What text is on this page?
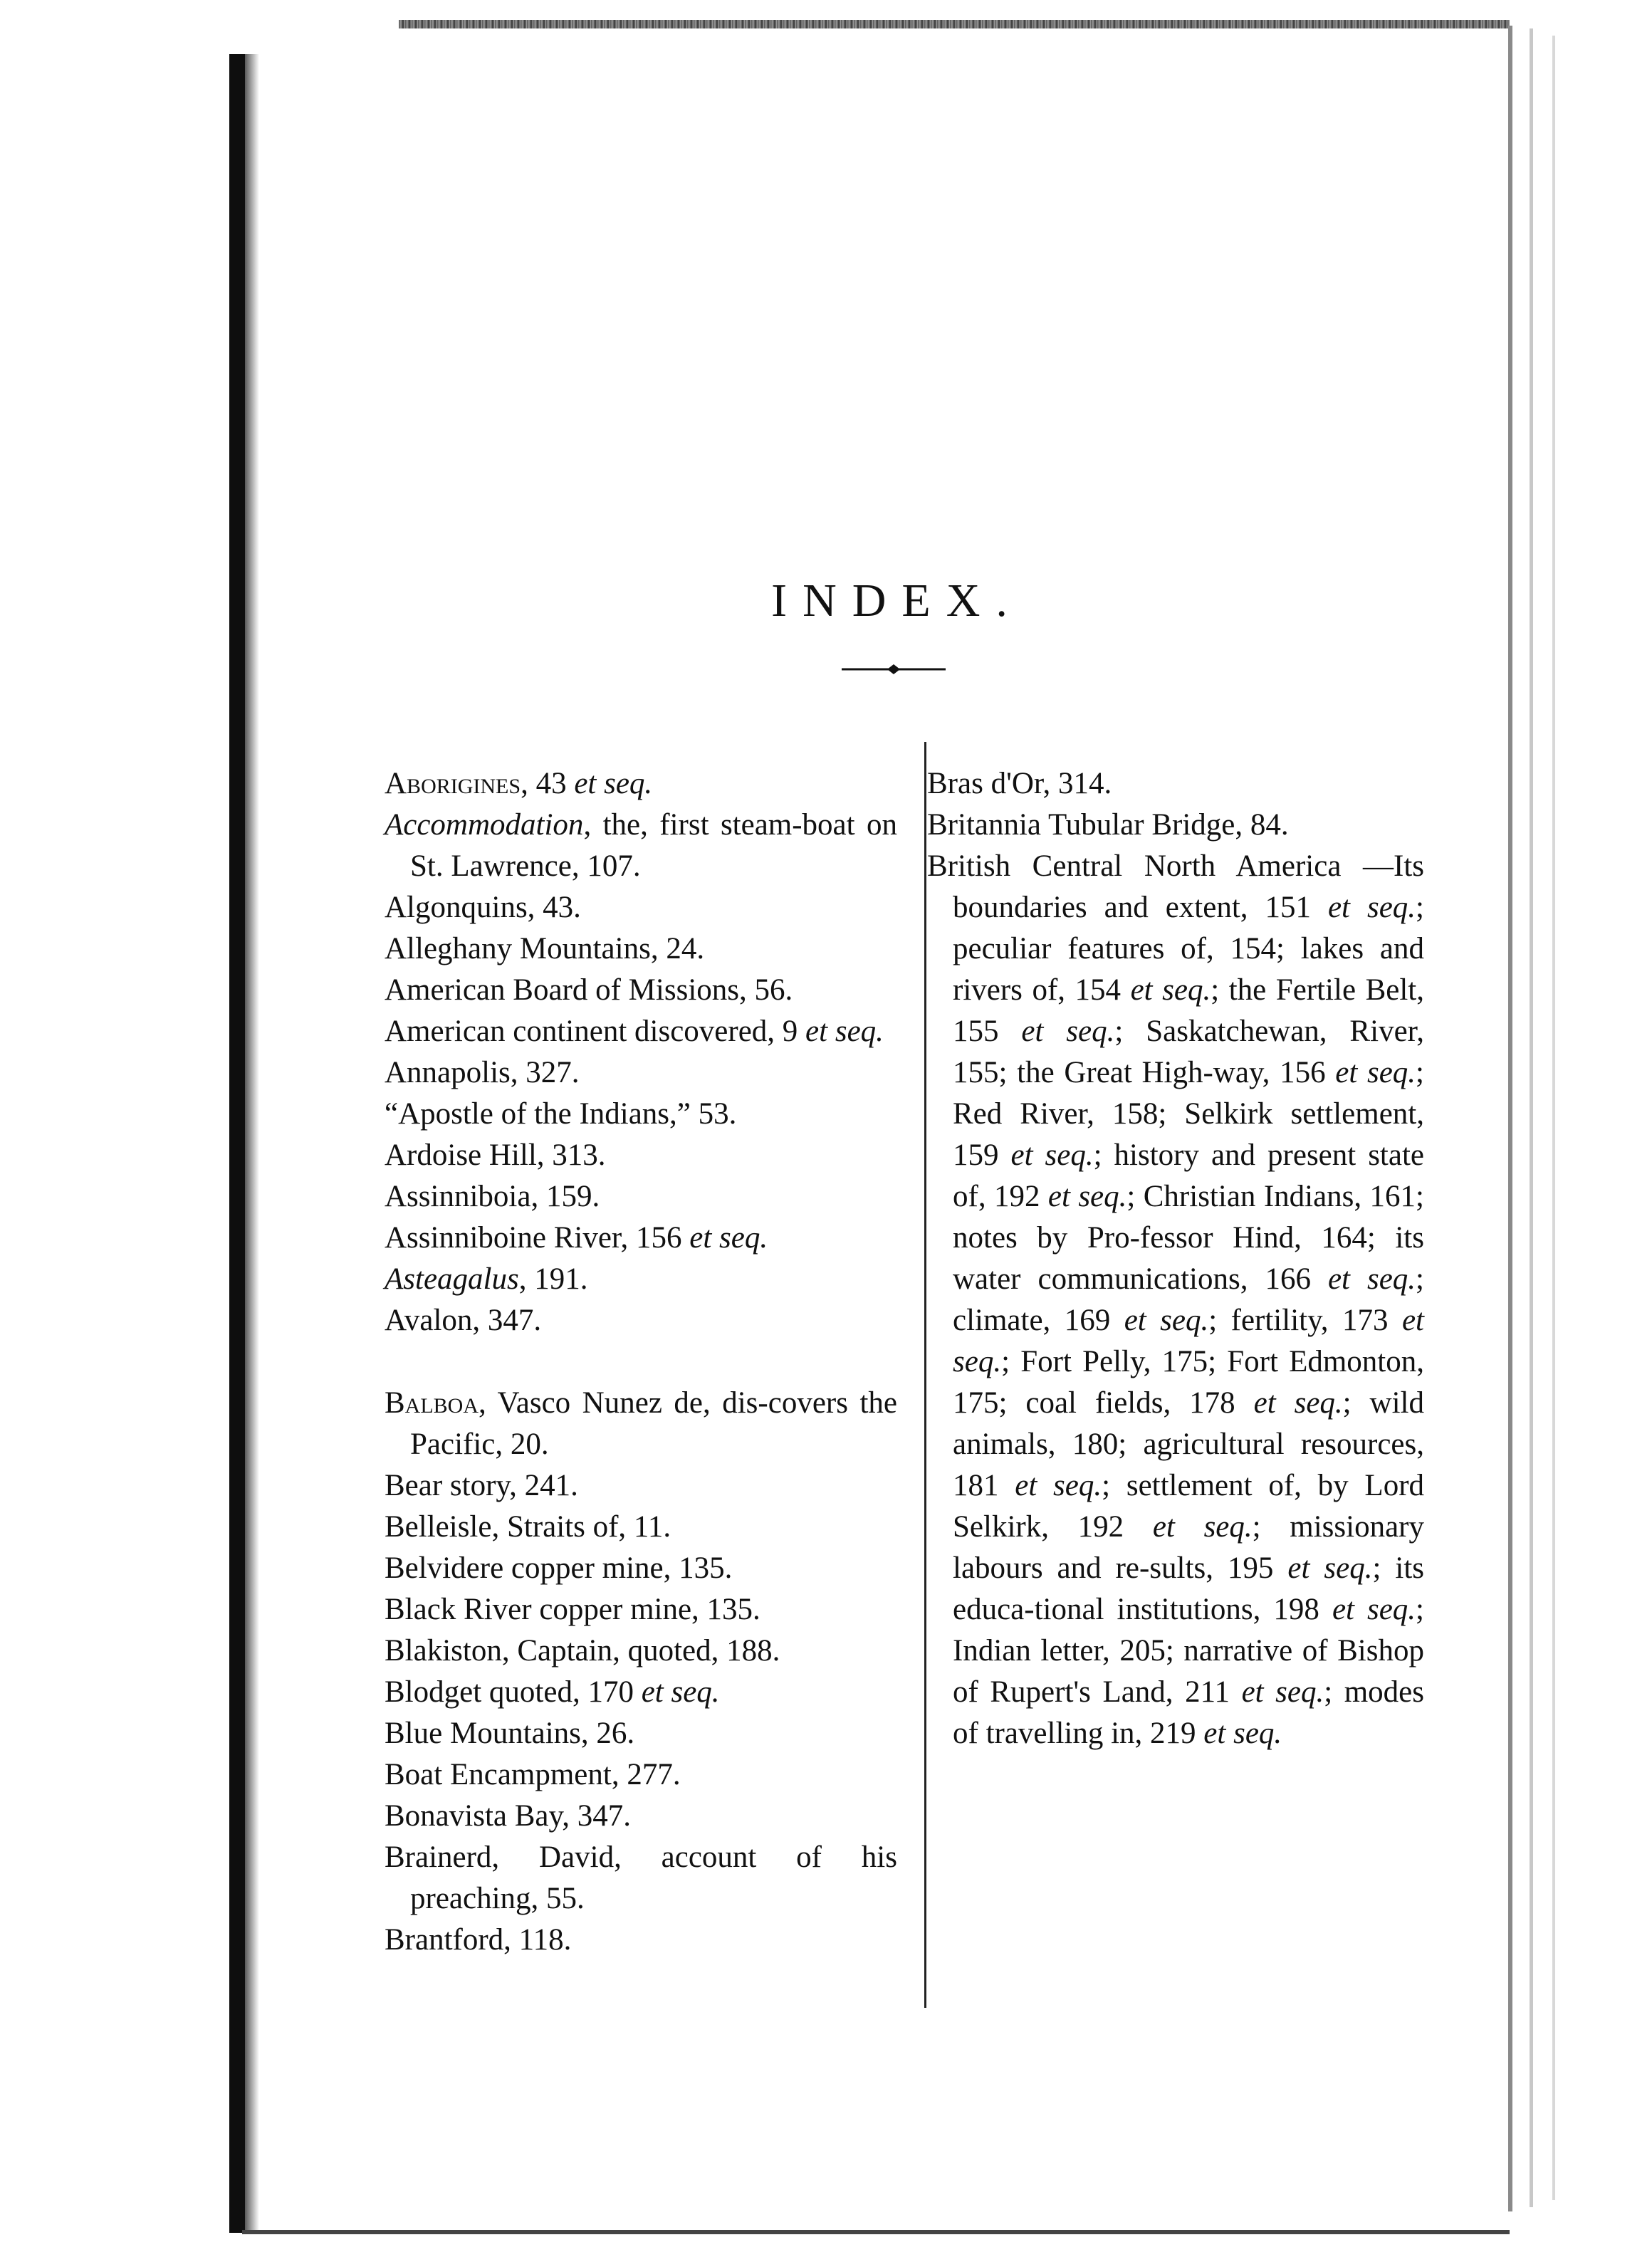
INDEX.

Aborigines, 43 et seq.

Accommodation, the, first steam-boat on St. Lawrence, 107.

Algonquins, 43.

Alleghany Mountains, 24.

American Board of Missions, 56.

American continent discovered, 9 et seq.

Annapolis, 327.

“Apostle of the Indians,” 53.

Ardoise Hill, 313.

Assinniboia, 159.

Assinniboine River, 156 et seq.

Asteagalus, 191.

Avalon, 347.

Balboa, Vasco Nunez de, dis-covers the Pacific, 20.

Bear story, 241.

Belleisle, Straits of, 11.

Belvidere copper mine, 135.

Black River copper mine, 135.

Blakiston, Captain, quoted, 188.

Blodget quoted, 170 et seq.

Blue Mountains, 26.

Boat Encampment, 277.

Bonavista Bay, 347.

Brainerd, David, account of his preaching, 55.

Brantford, 118.

Bras d'Or, 314.

Britannia Tubular Bridge, 84.

British Central North America —Its boundaries and extent, 151 et seq.; peculiar features of, 154; lakes and rivers of, 154 et seq.; the Fertile Belt, 155 et seq.; Saskatchewan, River, 155; the Great High-way, 156 et seq.; Red River, 158; Selkirk settlement, 159 et seq.; history and present state of, 192 et seq.; Christian Indians, 161; notes by Pro-fessor Hind, 164; its water communications, 166 et seq.; climate, 169 et seq.; fertility, 173 et seq.; Fort Pelly, 175; Fort Edmonton, 175; coal fields, 178 et seq.; wild animals, 180; agricultural resources, 181 et seq.; settlement of, by Lord Selkirk, 192 et seq.; missionary labours and re-sults, 195 et seq.; its educa-tional institutions, 198 et seq.; Indian letter, 205; narrative of Bishop of Rupert's Land, 211 et seq.; modes of travelling in, 219 et seq.
